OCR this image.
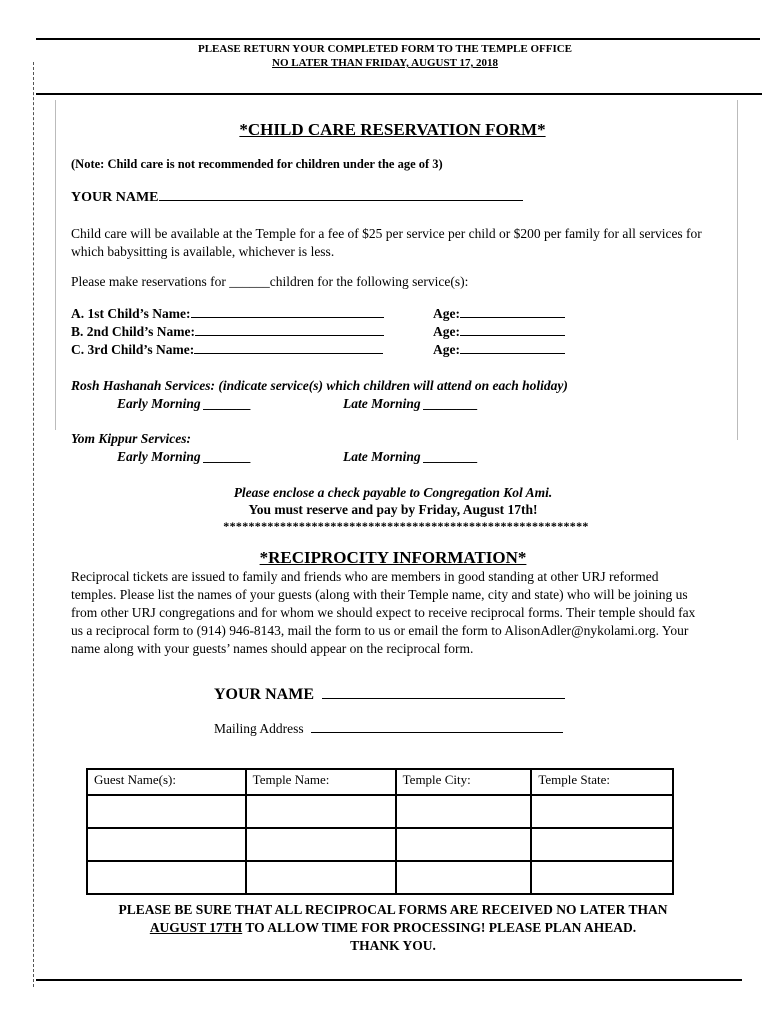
PLEASE RETURN YOUR COMPLETED FORM TO THE TEMPLE OFFICE
NO LATER THAN FRIDAY, AUGUST 17, 2018
*CHILD CARE RESERVATION FORM*
(Note: Child care is not recommended for children under the age of 3)
YOUR NAME
Child care will be available at the Temple for a fee of $25 per service per child or $200 per family for all services for which babysitting is available, whichever is less.
Please make reservations for ______children for the following service(s):
A. 1st Child’s Name:	Age:
B. 2nd Child’s Name:	Age:
C. 3rd Child’s Name:	Age:
Rosh Hashanah Services: (indicate service(s) which children will attend on each holiday)
Early Morning _______	Late Morning ________
Yom Kippur Services:
Early Morning _______	Late Morning ________
Please enclose a check payable to Congregation Kol Ami.
You must reserve and pay by Friday, August 17th!
**********************************************************
*RECIPROCITY INFORMATION*
Reciprocal tickets are issued to family and friends who are members in good standing at other URJ reformed temples. Please list the names of your guests (along with their Temple name, city and state) who will be joining us from other URJ congregations and for whom we should expect to receive reciprocal forms. Their temple should fax us a reciprocal form to (914) 946-8143, mail the form to us or email the form to AlisonAdler@nykolami.org. Your name along with your guests’ names should appear on the reciprocal form.
YOUR NAME
Mailing Address
Guest Name(s):	Temple Name:	Temple City:	Temple State:

PLEASE BE SURE THAT ALL RECIPROCAL FORMS ARE RECEIVED NO LATER THAN
AUGUST 17TH TO ALLOW TIME FOR PROCESSING! PLEASE PLAN AHEAD.
THANK YOU.
